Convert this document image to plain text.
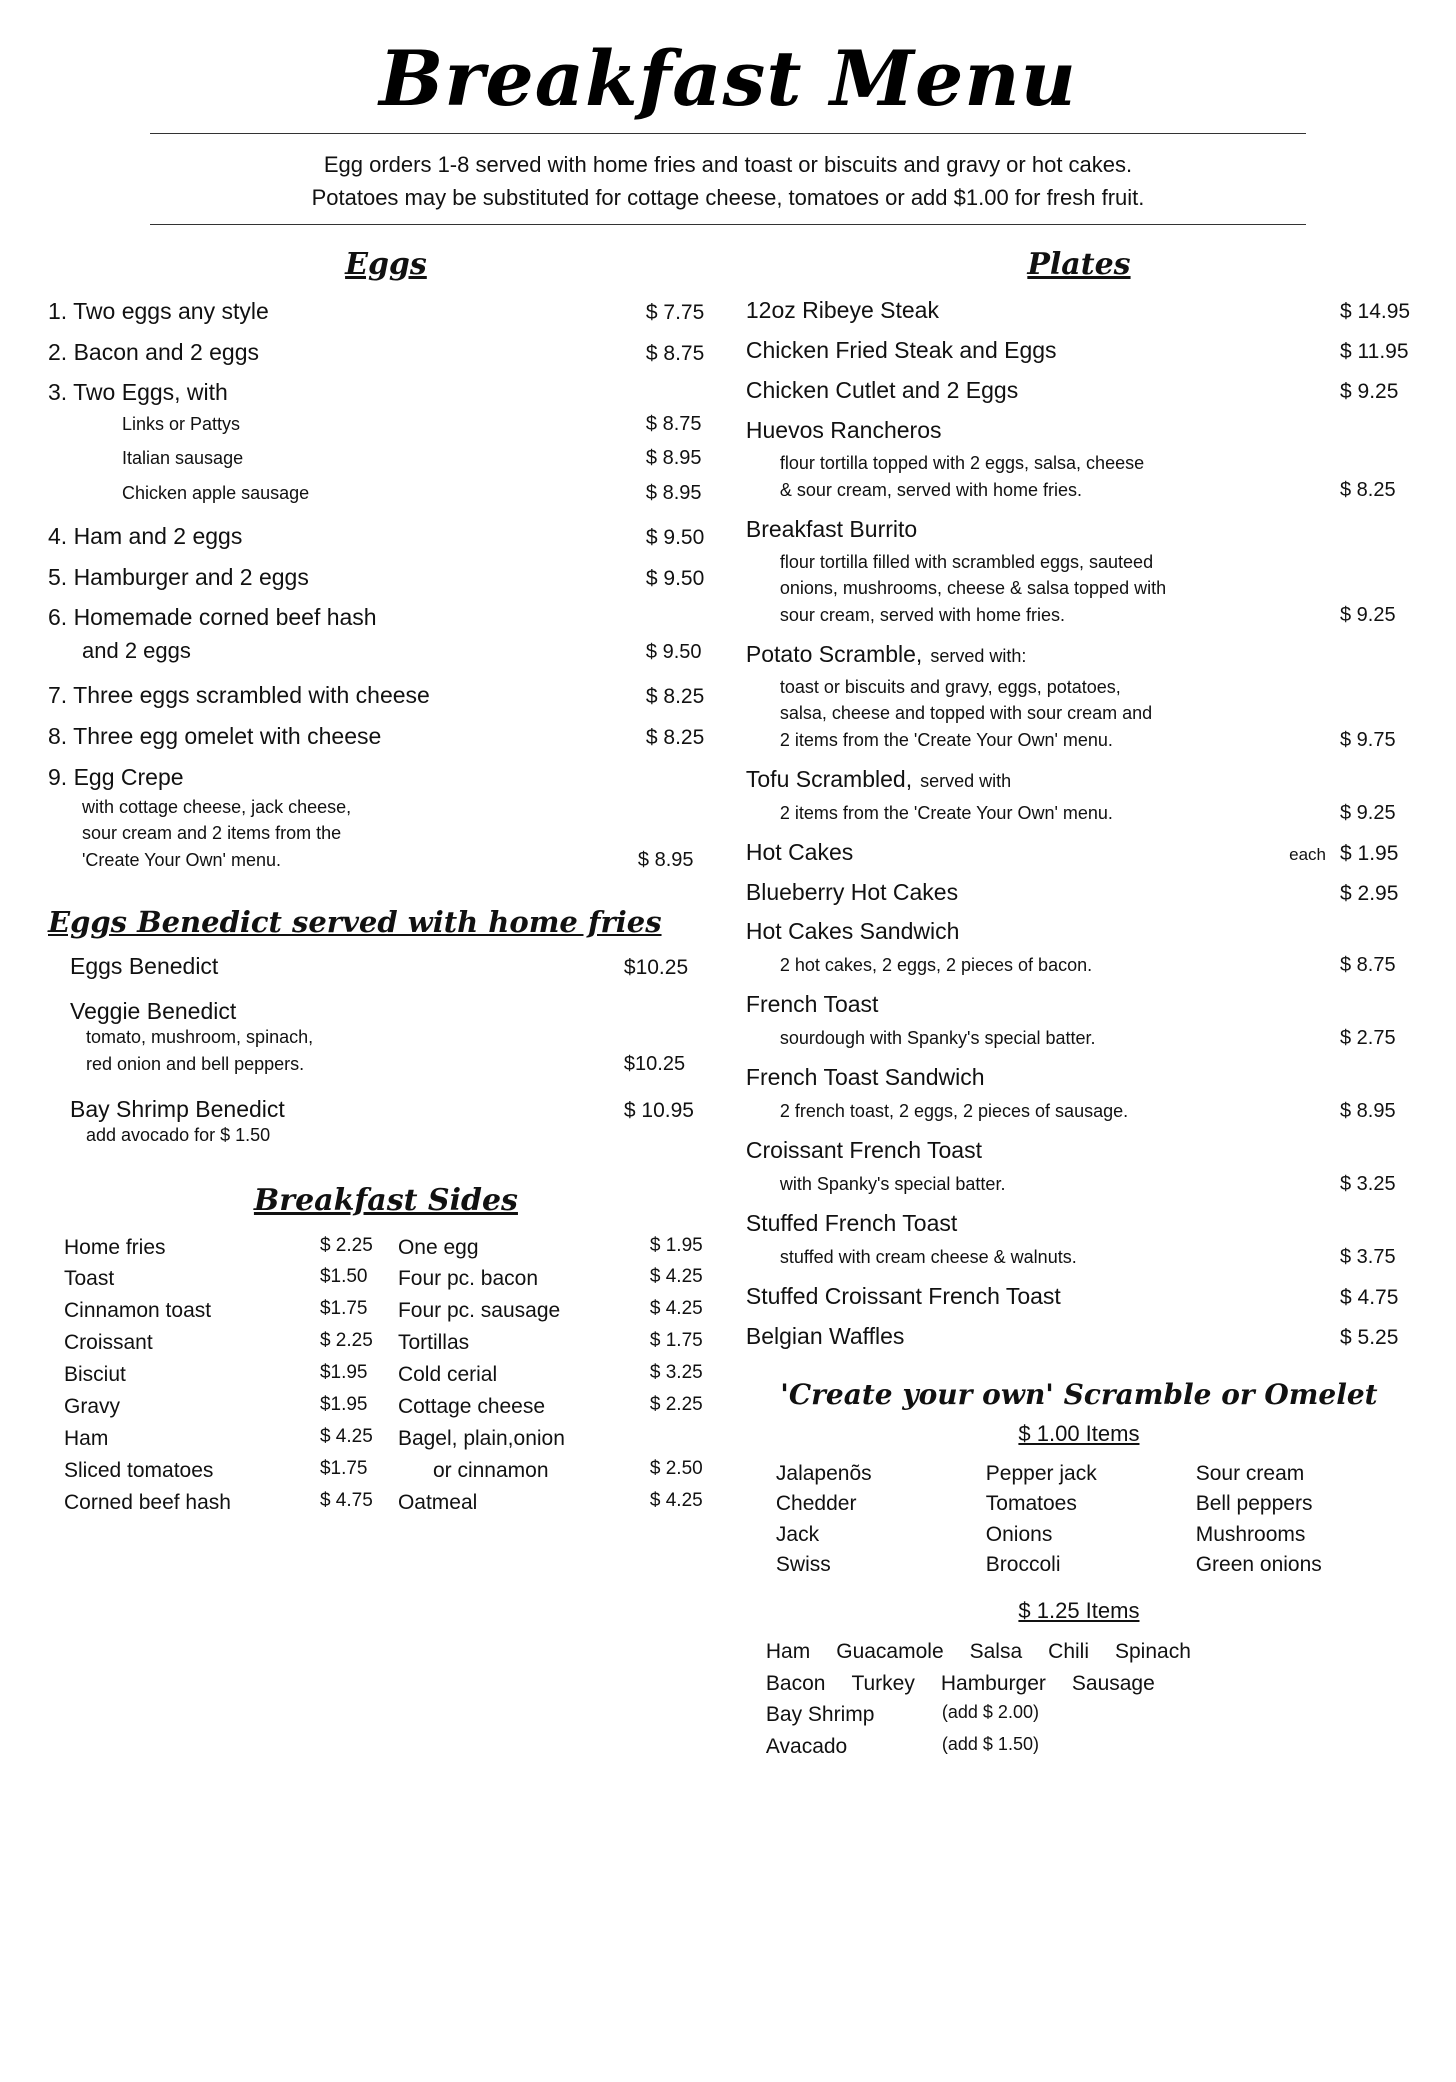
Breakfast Menu
Egg orders 1-8 served with home fries and toast or biscuits and gravy or hot cakes.
Potatoes may be substituted for cottage cheese, tomatoes or add $1.00 for fresh fruit.
Eggs
1. Two eggs any style	$ 7.75
2. Bacon and 2 eggs	$ 8.75
3. Two Eggs, with
Links or Pattys	$ 8.75
Italian sausage	$ 8.95
Chicken apple sausage	$ 8.95
4. Ham and 2 eggs	$ 9.50
5. Hamburger and 2 eggs	$ 9.50
6. Homemade corned beef hash
and 2 eggs	$ 9.50
7. Three eggs scrambled with cheese	$ 8.25
8. Three egg omelet with cheese	$ 8.25
9. Egg Crepe
with cottage cheese, jack cheese,
sour cream and 2 items from the
'Create Your Own' menu.	$ 8.95
Eggs Benedict served with home fries
Eggs Benedict	$10.25
Veggie Benedict
tomato, mushroom, spinach,
red onion and bell peppers.	$10.25
Bay Shrimp Benedict	$ 10.95
add avocado for $ 1.50
Breakfast Sides
Home fries	$ 2.25
Toast	$1.50
Cinnamon toast	$1.75
Croissant	$ 2.25
Bisciut	$1.95
Gravy	$1.95
Ham	$ 4.25
Sliced tomatoes	$1.75
Corned beef hash	$ 4.75
One egg	$ 1.95
Four pc. bacon	$ 4.25
Four pc. sausage	$ 4.25
Tortillas	$ 1.75
Cold cerial	$ 3.25
Cottage cheese	$ 2.25
Bagel, plain,onion
or cinnamon	$ 2.50
Oatmeal	$ 4.25
Plates
12oz Ribeye Steak	$ 14.95
Chicken Fried Steak and Eggs	$ 11.95
Chicken Cutlet and 2 Eggs	$ 9.25
Huevos Rancheros
flour tortilla topped with 2 eggs, salsa, cheese
& sour cream, served with home fries.	$ 8.25
Breakfast Burrito
flour tortilla filled with scrambled eggs, sauteed
onions, mushrooms, cheese & salsa topped with
sour cream, served with home fries.	$ 9.25
Potato Scramble, served with:
toast or biscuits and gravy, eggs, potatoes,
salsa, cheese and topped with sour cream and
2 items from the 'Create Your Own' menu.	$ 9.75
Tofu Scrambled, served with
2 items from the 'Create Your Own' menu.	$ 9.25
Hot Cakes	each $ 1.95
Blueberry Hot Cakes	$ 2.95
Hot Cakes Sandwich
2 hot cakes, 2 eggs, 2 pieces of bacon.	$ 8.75
French Toast
sourdough with Spanky's special batter.	$ 2.75
French Toast Sandwich
2 french toast, 2 eggs, 2 pieces of sausage.	$ 8.95
Croissant French Toast
with Spanky's special batter.	$ 3.25
Stuffed French Toast
stuffed with cream cheese & walnuts.	$ 3.75
Stuffed Croissant French Toast	$ 4.75
Belgian Waffles	$ 5.25
'Create your own' Scramble or Omelet
$ 1.00 Items
Jalapenõs
Chedder
Jack
Swiss
Pepper jack
Tomatoes
Onions
Broccoli
Sour cream
Bell peppers
Mushrooms
Green onions
$ 1.25 Items
Ham Guacamole Salsa Chili Spinach
Bacon Turkey Hamburger Sausage
Bay Shrimp	(add $ 2.00)
Avacado	(add $ 1.50)
